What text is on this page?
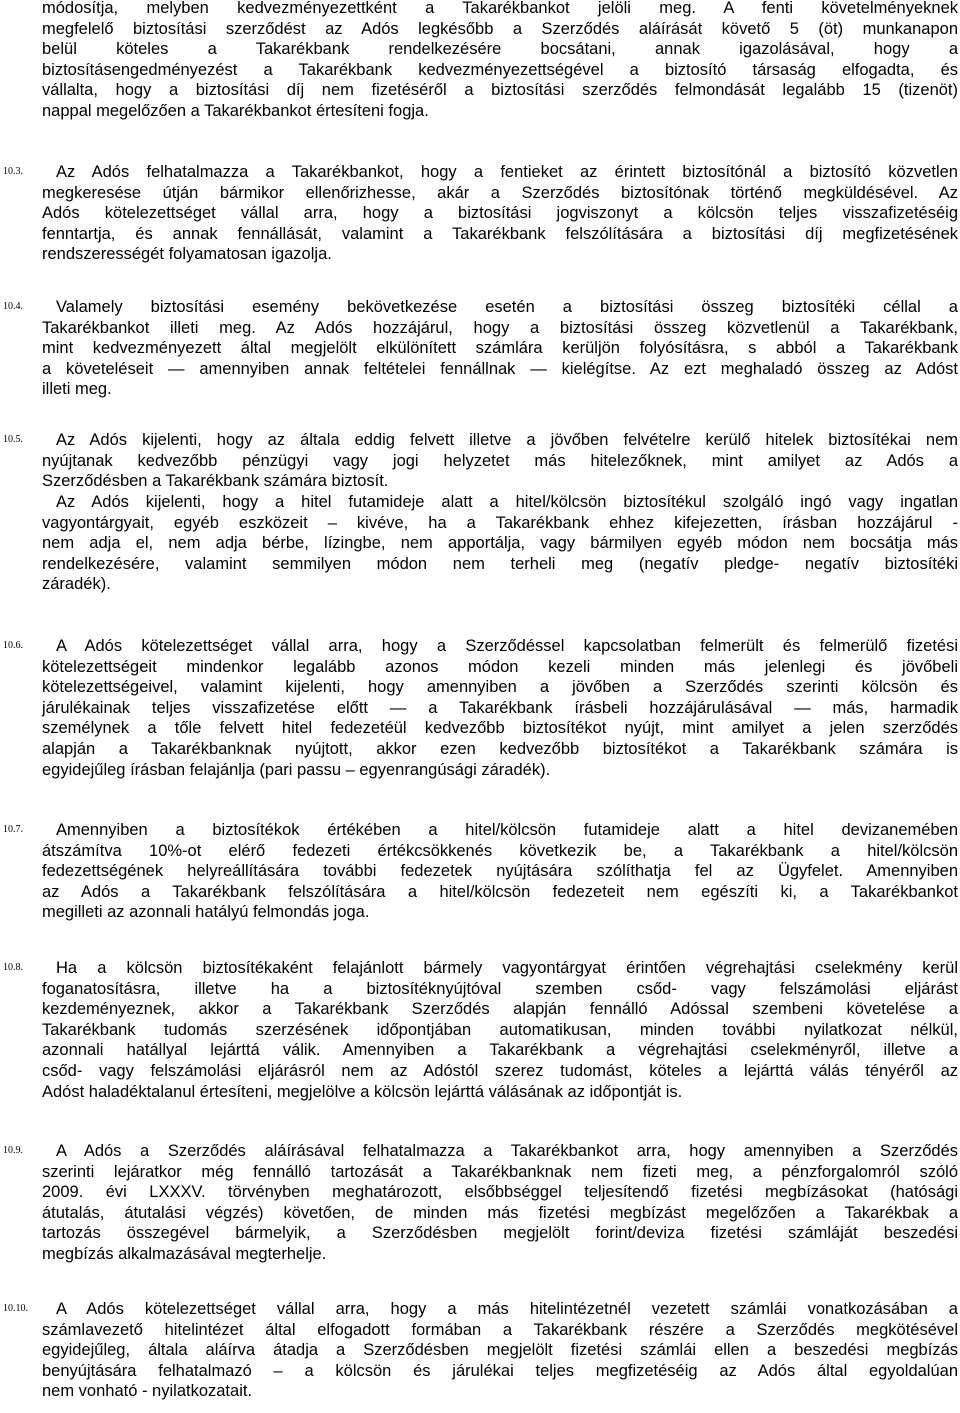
módosítja, melyben kedvezményezettként a Takarékbankot jelöli meg. A fenti követelményeknek
megfelelő biztosítási szerződést az Adós legkésőbb a Szerződés aláírását követő 5 (öt) munkanapon
belül köteles a Takarékbank rendelkezésére bocsátani, annak igazolásával, hogy a
biztosításengedményezést a Takarékbank kedvezményezettségével a biztosító társaság elfogadta, és
vállalta, hogy a biztosítási díj nem fizetéséről a biztosítási szerződés felmondását legalább 15 (tizenöt)
nappal megelőzően a Takarékbankot értesíteni fogja.
10.3.	Az Adós felhatalmazza a Takarékbankot, hogy a fentieket az érintett biztosítónál a biztosító közvetlen
megkeresése útján bármikor ellenőrizhesse, akár a Szerződés biztosítónak történő megküldésével. Az
Adós kötelezettséget vállal arra, hogy a biztosítási jogviszonyt a kölcsön teljes visszafizetéséig
fenntartja, és annak fennállását, valamint a Takarékbank felszólítására a biztosítási díj megfizetésének
rendszerességét folyamatosan igazolja.
10.4.	Valamely biztosítási esemény bekövetkezése esetén a biztosítási összeg biztosítéki céllal a
Takarékbankot illeti meg. Az Adós hozzájárul, hogy a biztosítási összeg közvetlenül a Takarékbank,
mint kedvezményezett által megjelölt elkülönített számlára kerüljön folyósításra, s abból a Takarékbank
a követeléseit — amennyiben annak feltételei fennállnak — kielégítse. Az ezt meghaladó összeg az Adóst
illeti meg.
10.5.	Az Adós kijelenti, hogy az általa eddig felvett illetve a jövőben felvételre kerülő hitelek biztosítékai nem
nyújtanak kedvezőbb pénzügyi vagy jogi helyzetet más hitelezőknek, mint amilyet az Adós a
Szerződésben a Takarékbank számára biztosít.
Az Adós kijelenti, hogy a hitel futamideje alatt a hitel/kölcsön biztosítékul szolgáló ingó vagy ingatlan
vagyontárgyait, egyéb eszközeit – kivéve, ha a Takarékbank ehhez kifejezetten, írásban hozzájárul -
nem adja el, nem adja bérbe, lízingbe, nem apportálja, vagy bármilyen egyéb módon nem bocsátja más
rendelkezésére, valamint semmilyen módon nem terheli meg (negatív pledge- negatív biztosítéki
záradék).
10.6.	A Adós kötelezettséget vállal arra, hogy a Szerződéssel kapcsolatban felmerült és felmerülő fizetési
kötelezettségeit mindenkor legalább azonos módon kezeli minden más jelenlegi és jövőbeli
kötelezettségeivel, valamint kijelenti, hogy amennyiben a jövőben a Szerződés szerinti kölcsön és
járulékainak teljes visszafizetése előtt — a Takarékbank írásbeli hozzájárulásával — más, harmadik
személynek a tőle felvett hitel fedezetéül kedvezőbb biztosítékot nyújt, mint amilyet a jelen szerződés
alapján a Takarékbanknak nyújtott, akkor ezen kedvezőbb biztosítékot a Takarékbank számára is
egyidejűleg írásban felajánlja (pari passu – egyenrangúsági záradék).
10.7.	Amennyiben a biztosítékok értékében a hitel/kölcsön futamideje alatt a hitel devizanemében
átszámítva 10%-ot elérő fedezeti értékcsökkenés következik be, a Takarékbank a hitel/kölcsön
fedezettségének helyreállítására további fedezetek nyújtására szólíthatja fel az Ügyfelet. Amennyiben
az Adós a Takarékbank felszólítására a hitel/kölcsön fedezeteit nem egészíti ki, a Takarékbankot
megilleti az azonnali hatályú felmondás joga.
10.8.	Ha a kölcsön biztosítékaként felajánlott bármely vagyontárgyat érintően végrehajtási cselekmény kerül
foganatosításra, illetve ha a biztosítéknyújtóval szemben csőd- vagy felszámolási eljárást
kezdeményeznek, akkor a Takarékbank Szerződés alapján fennálló Adóssal szembeni követelése a
Takarékbank tudomás szerzésének időpontjában automatikusan, minden további nyilatkozat nélkül,
azonnali hatállyal lejárttá válik. Amennyiben a Takarékbank a végrehajtási cselekményről, illetve a
csőd- vagy felszámolási eljárásról nem az Adóstól szerez tudomást, köteles a lejárttá válás tényéről az
Adóst haladéktalanul értesíteni, megjelölve a kölcsön lejárttá válásának az időpontját is.
10.9.	A Adós a Szerződés aláírásával felhatalmazza a Takarékbankot arra, hogy amennyiben a Szerződés
szerinti lejáratkor még fennálló tartozását a Takarékbanknak nem fizeti meg, a pénzforgalomról szóló
2009. évi LXXXV. törvényben meghatározott, elsőbbséggel teljesítendő fizetési megbízásokat (hatósági
átutalás, átutalási végzés) követően, de minden más fizetési megbízást megelőzően a Takarékbak a
tartozás összegével bármelyik, a Szerződésben megjelölt forint/deviza fizetési számláját beszedési
megbízás alkalmazásával megterhelje.
10.10.	A Adós kötelezettséget vállal arra, hogy a más hitelintézetnél vezetett számlái vonatkozásában a
számlavezető hitelintézet által elfogadott formában a Takarékbank részére a Szerződés megkötésével
egyidejűleg, általa aláírva átadja a Szerződésben megjelölt fizetési számlái ellen a beszedési megbízás
benyújtására felhatalmazó – a kölcsön és járulékai teljes megfizetéséig az Adós által egyoldalúan
nem vonható - nyilatkozatait.
